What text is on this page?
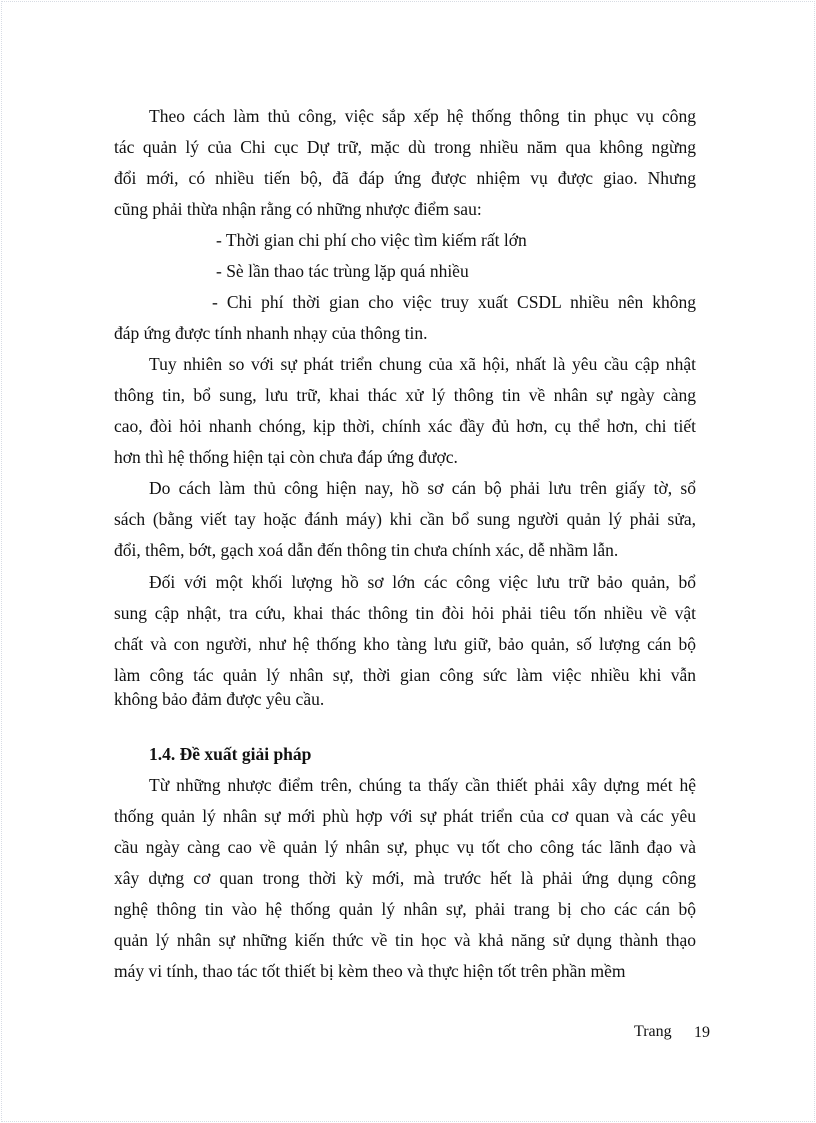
Theo cách làm thủ công, việc sắp xếp hệ thống thông tin phục vụ công

tác quản lý của Chi cục Dự trữ, mặc dù trong nhiều năm qua không ngừng

đổi mới, có nhiều tiến bộ, đã đáp ứng được nhiệm vụ được giao. Nhưng

cũng phải thừa nhận rằng có những nhược điểm sau:

- Thời gian chi phí cho việc tìm kiếm rất lớn

- Sè lần thao tác trùng lặp quá nhiều

- Chi phí thời gian cho việc truy xuất CSDL nhiều nên không

đáp ứng được tính nhanh nhạy của thông tin.

Tuy nhiên so với sự phát triển chung của xã hội, nhất là yêu cầu cập nhật

thông tin, bổ sung, lưu trữ, khai thác xử lý thông tin về nhân sự ngày càng

cao, đòi hỏi nhanh chóng, kịp thời, chính xác đầy đủ hơn, cụ thể hơn, chi tiết

hơn thì hệ thống hiện tại còn chưa đáp ứng được.

Do cách làm thủ công hiện nay, hồ sơ cán bộ phải lưu trên giấy tờ, sổ

sách (bằng viết tay hoặc đánh máy) khi cần bổ sung người quản lý phải sửa,

đổi, thêm, bớt, gạch xoá dẫn đến thông tin chưa chính xác, dễ nhầm lẫn.

Đối với một khối lượng hồ sơ lớn các công việc lưu trữ bảo quản, bổ

sung cập nhật, tra cứu, khai thác thông tin đòi hỏi phải tiêu tốn nhiều về vật

chất và con người, như hệ thống kho tàng lưu giữ, bảo quản, số lượng cán bộ

làm công tác quản lý nhân sự, thời gian công sức làm việc nhiều khi vẫn

không bảo đảm được yêu cầu.

1.4. Đề xuất giải pháp

Từ những nhược điểm trên, chúng ta thấy cần thiết phải xây dựng mét hệ

thống quản lý nhân sự mới phù hợp với sự phát triển của cơ quan và các yêu

cầu ngày càng cao về quản lý nhân sự, phục vụ tốt cho công tác lãnh đạo và

xây dựng cơ quan trong thời kỳ mới, mà trước hết là phải ứng dụng công

nghệ thông tin vào hệ thống quản lý nhân sự, phải trang bị cho các cán bộ

quản lý nhân sự những kiến thức về tin học và khả năng sử dụng thành thạo

máy vi tính, thao tác tốt thiết bị kèm theo và thực hiện tốt trên phần mềm

Trang 19
